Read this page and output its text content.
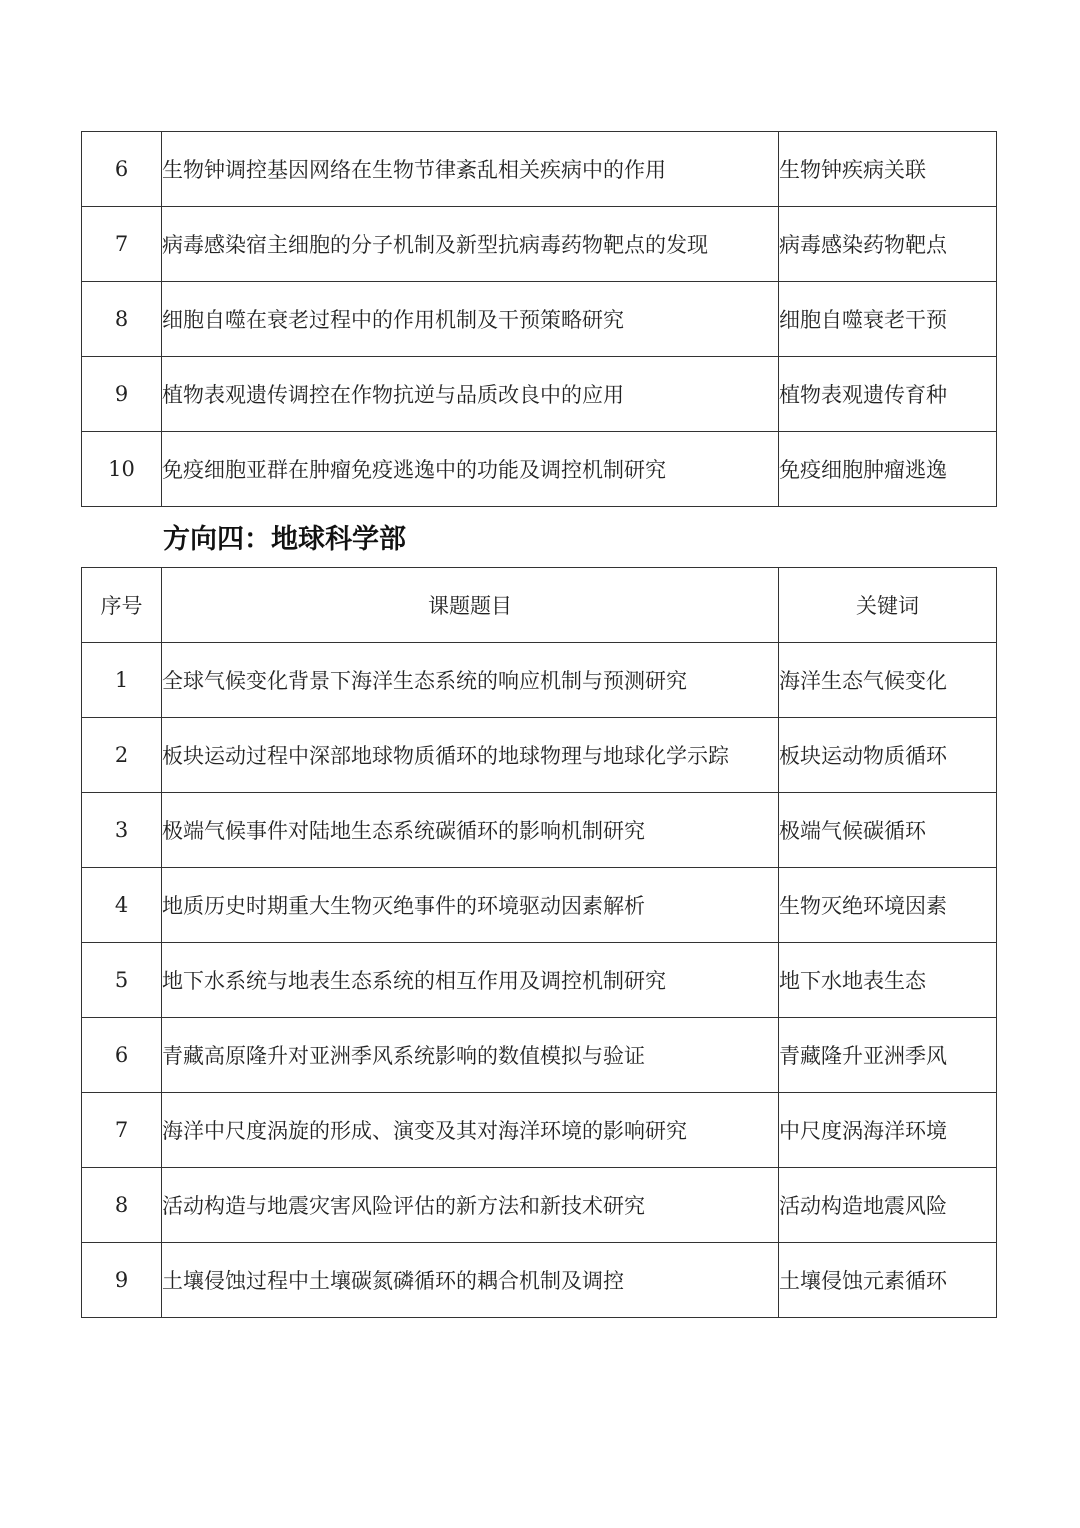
6	生物钟调控基因网络在生物节律紊乱相关疾病中的作用	生物钟疾病关联
7	病毒感染宿主细胞的分子机制及新型抗病毒药物靶点的发现	病毒感染药物靶点
8	细胞自噬在衰老过程中的作用机制及干预策略研究	细胞自噬衰老干预
9	植物表观遗传调控在作物抗逆与品质改良中的应用	植物表观遗传育种
10	免疫细胞亚群在肿瘤免疫逃逸中的功能及调控机制研究	免疫细胞肿瘤逃逸
方向四：地球科学部
序号	课题题目	关键词
1	全球气候变化背景下海洋生态系统的响应机制与预测研究	海洋生态气候变化
2	板块运动过程中深部地球物质循环的地球物理与地球化学示踪	板块运动物质循环
3	极端气候事件对陆地生态系统碳循环的影响机制研究	极端气候碳循环
4	地质历史时期重大生物灭绝事件的环境驱动因素解析	生物灭绝环境因素
5	地下水系统与地表生态系统的相互作用及调控机制研究	地下水地表生态
6	青藏高原隆升对亚洲季风系统影响的数值模拟与验证	青藏隆升亚洲季风
7	海洋中尺度涡旋的形成、演变及其对海洋环境的影响研究	中尺度涡海洋环境
8	活动构造与地震灾害风险评估的新方法和新技术研究	活动构造地震风险
9	土壤侵蚀过程中土壤碳氮磷循环的耦合机制及调控	土壤侵蚀元素循环
